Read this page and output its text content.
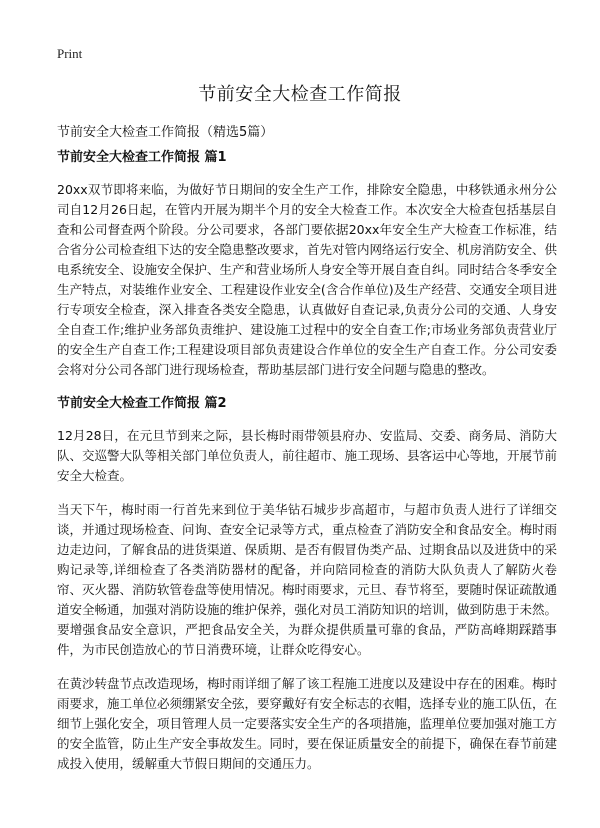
Print
节前安全大检查工作简报
节前安全大检查工作简报（精选5篇）
节前安全大检查工作简报 篇1

20xx双节即将来临，为做好节日期间的安全生产工作，排除安全隐患，中移铁通永州分公司自12月26日起，在管内开展为期半个月的安全大检查工作。本次安全大检查包括基层自查和公司督查两个阶段。分公司要求，各部门要依据20xx年安全生产大检查工作标准，结合省分公司检查组下达的安全隐患整改要求，首先对管内网络运行安全、机房消防安全、供电系统安全、设施安全保护、生产和营业场所人身安全等开展自查自纠。同时结合冬季安全生产特点，对装维作业安全、工程建设作业安全(含合作单位)及生产经营、交通安全项目进行专项安全检查，深入排查各类安全隐患，认真做好自查记录,负责分公司的交通、人身安全自查工作;维护业务部负责维护、建设施工过程中的安全自查工作;市场业务部负责营业厅的安全生产自查工作;工程建设项目部负责建设合作单位的安全生产自查工作。分公司安委会将对分公司各部门进行现场检查，帮助基层部门进行安全问题与隐患的整改。

节前安全大检查工作简报 篇2

12月28日，在元旦节到来之际，县长梅时雨带领县府办、安监局、交委、商务局、消防大队、交巡警大队等相关部门单位负责人，前往超市、施工现场、县客运中心等地，开展节前安全大检查。

当天下午，梅时雨一行首先来到位于美华钻石城步步高超市，与超市负责人进行了详细交谈，并通过现场检查、问询、查安全记录等方式，重点检查了消防安全和食品安全。梅时雨边走边问，了解食品的进货渠道、保质期、是否有假冒伪类产品、过期食品以及进货中的采购记录等,详细检查了各类消防器材的配备，并向陪同检查的消防大队负责人了解防火卷帘、灭火器、消防软管卷盘等使用情况。梅时雨要求，元旦、春节将至，要随时保证疏散通道安全畅通，加强对消防设施的维护保养，强化对员工消防知识的培训，做到防患于未然。要增强食品安全意识，严把食品安全关，为群众提供质量可靠的食品，严防高峰期踩踏事件，为市民创造放心的节日消费环境，让群众吃得安心。

在黄沙转盘节点改造现场，梅时雨详细了解了该工程施工进度以及建设中存在的困难。梅时雨要求，施工单位必须绷紧安全弦，要穿戴好有安全标志的衣帽，选择专业的施工队伍，在细节上强化安全，项目管理人员一定要落实安全生产的各项措施，监理单位要加强对施工方的安全监管，防止生产安全事故发生。同时，要在保证质量安全的前提下，确保在春节前建成投入使用，缓解重大节假日期间的交通压力。
